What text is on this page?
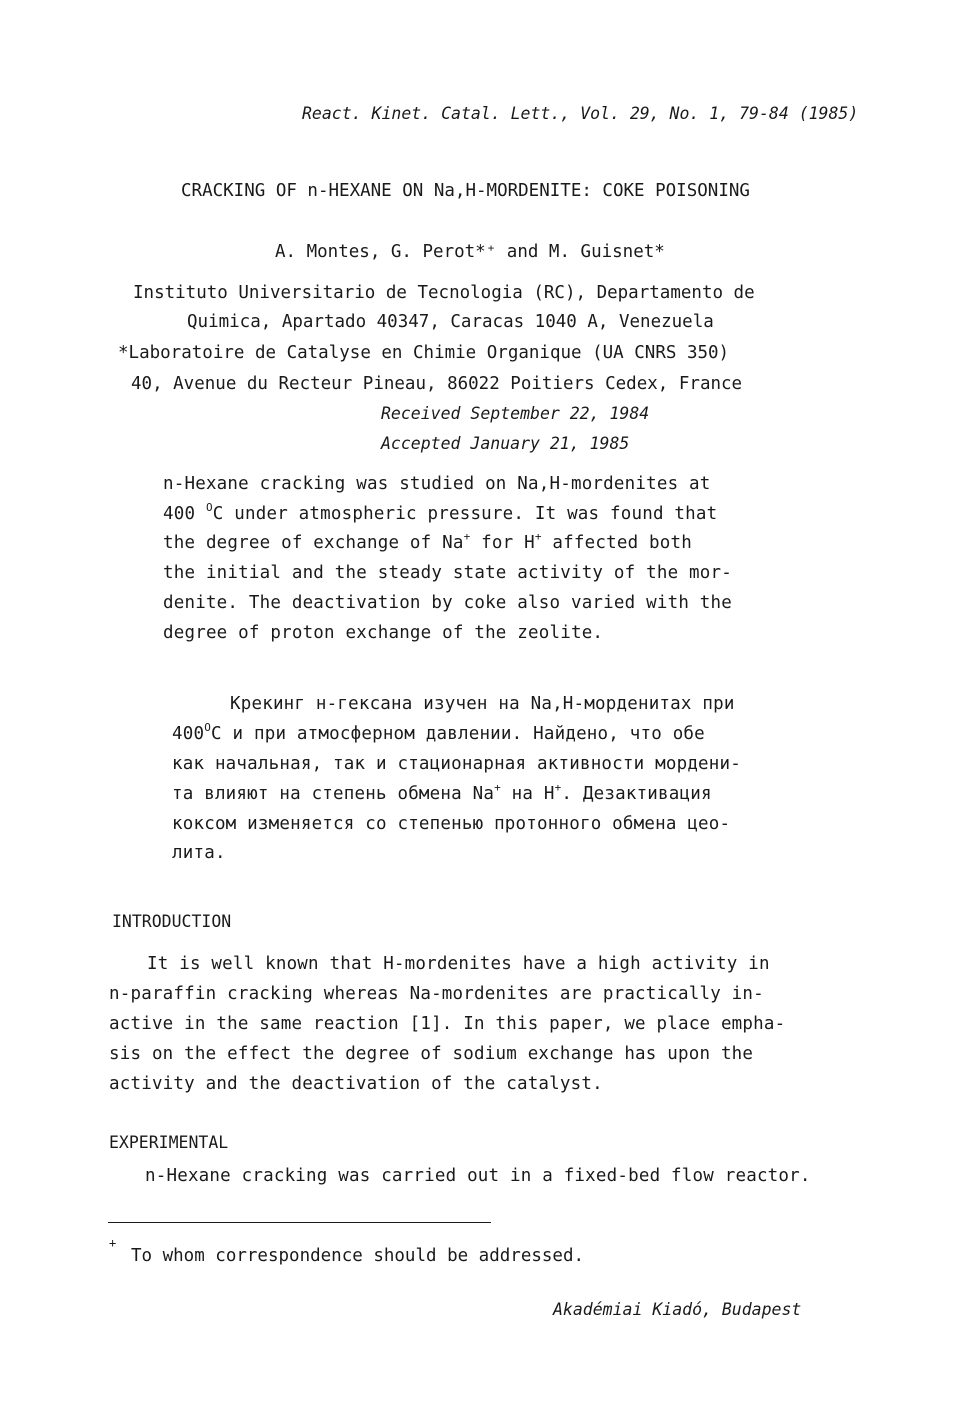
React. Kinet. Catal. Lett., Vol. 29, No. 1, 79-84 (1985)
CRACKING OF n-HEXANE ON Na,H-MORDENITE: COKE POISONING
A. Montes, G. Perot*⁺ and M. Guisnet*
Instituto Universitario de Tecnologia (RC), Departamento de
Quimica, Apartado 40347, Caracas 1040 A, Venezuela
*Laboratoire de Catalyse en Chimie Organique (UA CNRS 350)
40, Avenue du Recteur Pineau, 86022 Poitiers Cedex, France
Received September 22, 1984
Accepted January 21, 1985
n-Hexane cracking was studied on Na,H-mordenites at
400 $^O$C under atmospheric pressure. It was found that
the degree of exchange of Na+ for H+ affected both
the initial and the steady state activity of the mor-
denite. The deactivation by coke also varied with the
degree of proton exchange of the zeolite.
Крекинг н-гексана изучен на Na,H-морденитах при
$400^OC$ и при атмосферном давлении. Найдено, что обе
как начальная, так и стационарная активности мордени-
та влияют на степень обмена Na+ на H+. Дезактивация
коксом изменяется со степенью протонного обмена цео-
лита.
INTRODUCTION
It is well known that H-mordenites have a high activity in
n-paraffin cracking whereas Na-mordenites are practically in-
active in the same reaction [1]. In this paper, we place empha-
sis on the effect the degree of sodium exchange has upon the
activity and the deactivation of the catalyst.
EXPERIMENTAL
n-Hexane cracking was carried out in a fixed-bed flow reactor.
+
To whom correspondence should be addressed.
Akadémiai Kiadó, Budapest
